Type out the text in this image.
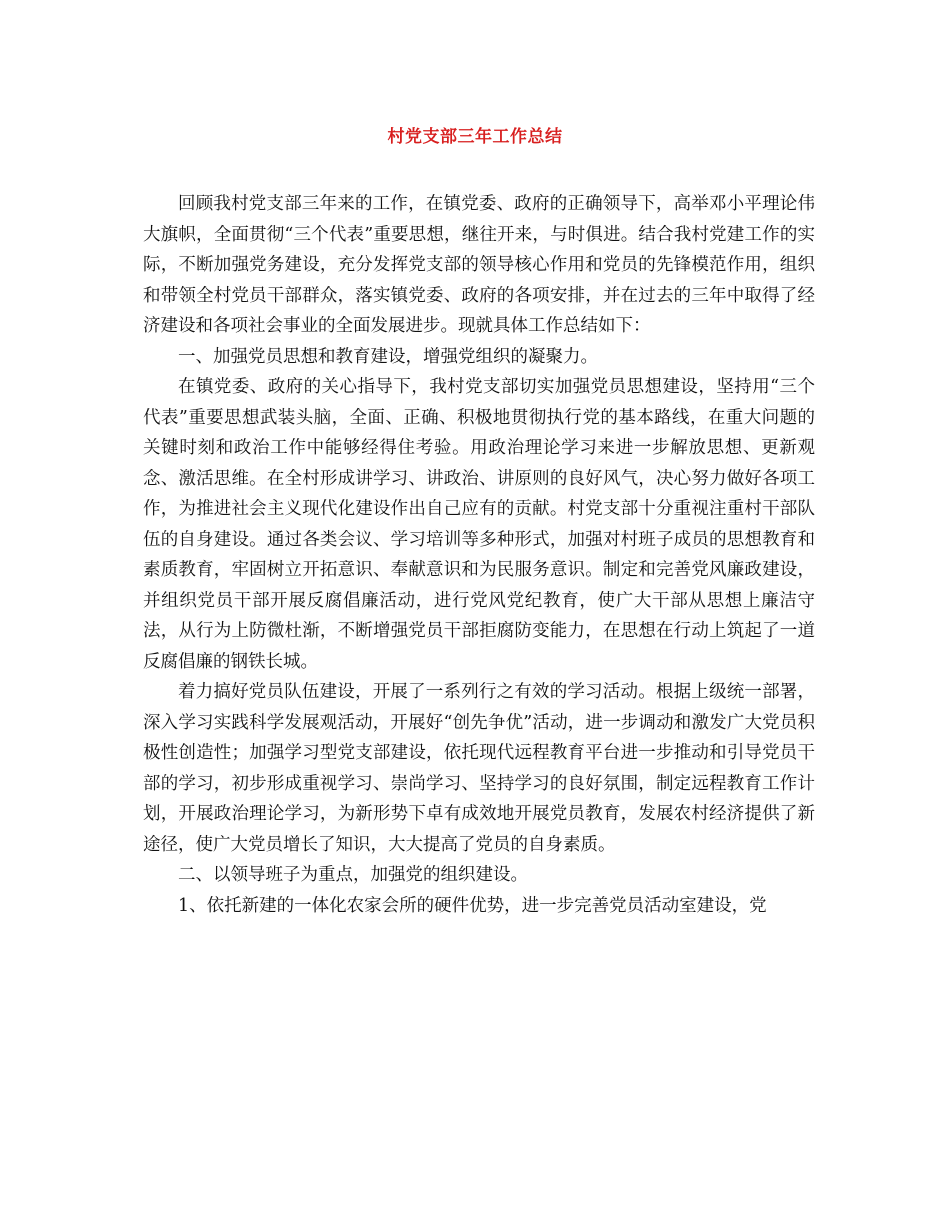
村党支部三年工作总结

回顾我村党支部三年来的工作，在镇党委、政府的正确领导下，高举邓小平理论伟大旗帜，全面贯彻“三个代表”重要思想，继往开来，与时俱进。结合我村党建工作的实际，不断加强党务建设，充分发挥党支部的领导核心作用和党员的先锋模范作用，组织和带领全村党员干部群众，落实镇党委、政府的各项安排，并在过去的三年中取得了经济建设和各项社会事业的全面发展进步。现就具体工作总结如下：

一、加强党员思想和教育建设，增强党组织的凝聚力。

在镇党委、政府的关心指导下，我村党支部切实加强党员思想建设，坚持用“三个代表”重要思想武装头脑，全面、正确、积极地贯彻执行党的基本路线，在重大问题的关键时刻和政治工作中能够经得住考验。用政治理论学习来进一步解放思想、更新观念、激活思维。在全村形成讲学习、讲政治、讲原则的良好风气，决心努力做好各项工作，为推进社会主义现代化建设作出自己应有的贡献。村党支部十分重视注重村干部队伍的自身建设。通过各类会议、学习培训等多种形式，加强对村班子成员的思想教育和素质教育，牢固树立开拓意识、奉献意识和为民服务意识。制定和完善党风廉政建设，并组织党员干部开展反腐倡廉活动，进行党风党纪教育，使广大干部从思想上廉洁守法，从行为上防微杜渐，不断增强党员干部拒腐防变能力，在思想在行动上筑起了一道反腐倡廉的钢铁长城。

着力搞好党员队伍建设，开展了一系列行之有效的学习活动。根据上级统一部署，深入学习实践科学发展观活动，开展好“创先争优”活动，进一步调动和激发广大党员积极性创造性；加强学习型党支部建设，依托现代远程教育平台进一步推动和引导党员干部的学习，初步形成重视学习、崇尚学习、坚持学习的良好氛围，制定远程教育工作计划，开展政治理论学习，为新形势下卓有成效地开展党员教育，发展农村经济提供了新途径，使广大党员增长了知识，大大提高了党员的自身素质。

二、以领导班子为重点，加强党的组织建设。

1、依托新建的一体化农家会所的硬件优势，进一步完善党员活动室建设，党
